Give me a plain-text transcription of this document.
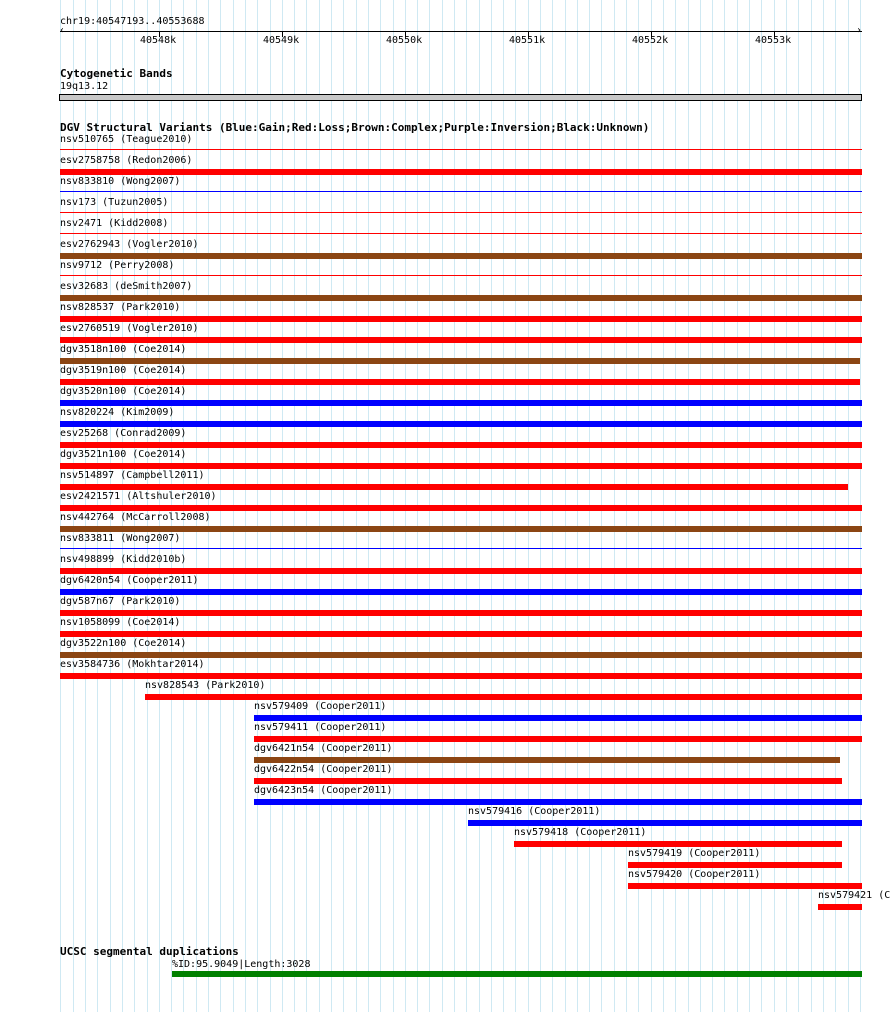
chr19:40547193..40553688
‹	›
40548k	40549k	40550k	40551k	40552k	40553k
Cytogenetic Bands
19q13.12
DGV Structural Variants (Blue:Gain;Red:Loss;Brown:Complex;Purple:Inversion;Black:Unknown)
nsv510765 (Teague2010)
esv2758758 (Redon2006)
nsv833810 (Wong2007)
nsv173 (Tuzun2005)
nsv2471 (Kidd2008)
esv2762943 (Vogler2010)
nsv9712 (Perry2008)
esv32683 (deSmith2007)
nsv828537 (Park2010)
esv2760519 (Vogler2010)
dgv3518n100 (Coe2014)
dgv3519n100 (Coe2014)
dgv3520n100 (Coe2014)
nsv820224 (Kim2009)
esv25268 (Conrad2009)
dgv3521n100 (Coe2014)
nsv514897 (Campbell2011)
esv2421571 (Altshuler2010)
nsv442764 (McCarroll2008)
nsv833811 (Wong2007)
nsv498899 (Kidd2010b)
dgv6420n54 (Cooper2011)
dgv587n67 (Park2010)
nsv1058099 (Coe2014)
dgv3522n100 (Coe2014)
esv3584736 (Mokhtar2014)
nsv828543 (Park2010)
nsv579409 (Cooper2011)
nsv579411 (Cooper2011)
dgv6421n54 (Cooper2011)
dgv6422n54 (Cooper2011)
dgv6423n54 (Cooper2011)
nsv579416 (Cooper2011)
nsv579418 (Cooper2011)
nsv579419 (Cooper2011)
nsv579420 (Cooper2011)
nsv579421 (C
UCSC segmental duplications
%ID:95.9049|Length:3028
